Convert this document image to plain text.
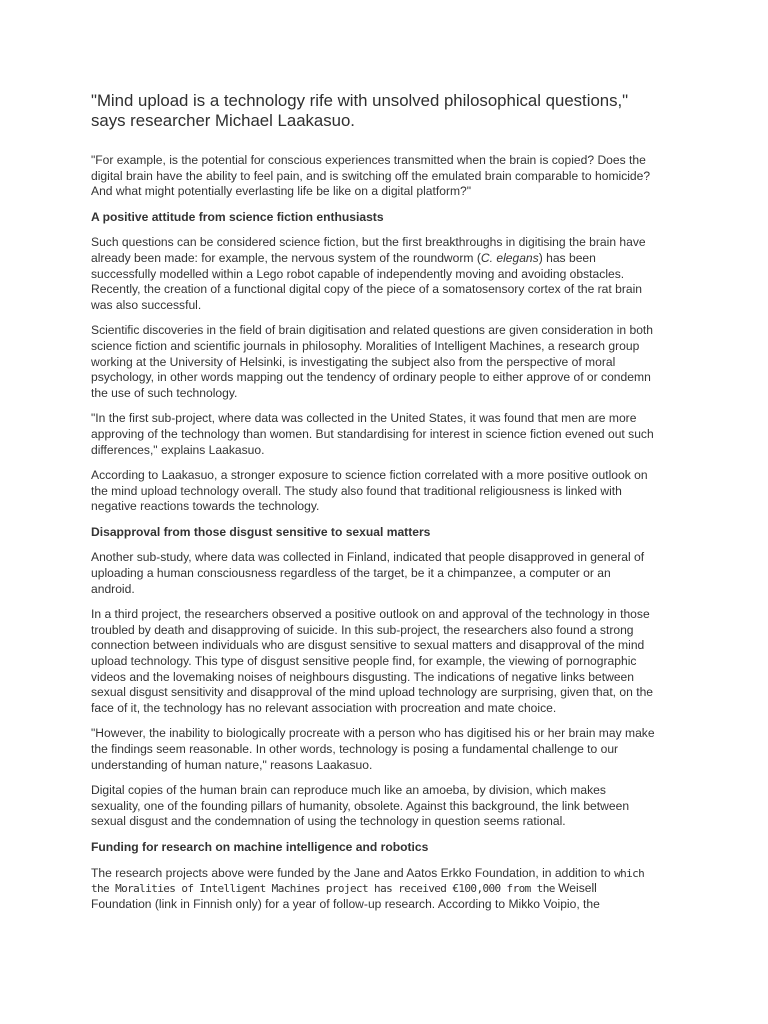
"Mind upload is a technology rife with unsolved philosophical questions," says researcher Michael Laakasuo.

"For example, is the potential for conscious experiences transmitted when the brain is copied? Does the digital brain have the ability to feel pain, and is switching off the emulated brain comparable to homicide? And what might potentially everlasting life be like on a digital platform?"

A positive attitude from science fiction enthusiasts

Such questions can be considered science fiction, but the first breakthroughs in digitising the brain have already been made: for example, the nervous system of the roundworm (C. elegans) has been successfully modelled within a Lego robot capable of independently moving and avoiding obstacles. Recently, the creation of a functional digital copy of the piece of a somatosensory cortex of the rat brain was also successful.

Scientific discoveries in the field of brain digitisation and related questions are given consideration in both science fiction and scientific journals in philosophy. Moralities of Intelligent Machines, a research group working at the University of Helsinki, is investigating the subject also from the perspective of moral psychology, in other words mapping out the tendency of ordinary people to either approve of or condemn the use of such technology.

"In the first sub-project, where data was collected in the United States, it was found that men are more approving of the technology than women. But standardising for interest in science fiction evened out such differences," explains Laakasuo.

According to Laakasuo, a stronger exposure to science fiction correlated with a more positive outlook on the mind upload technology overall. The study also found that traditional religiousness is linked with negative reactions towards the technology.

Disapproval from those disgust sensitive to sexual matters

Another sub-study, where data was collected in Finland, indicated that people disapproved in general of uploading a human consciousness regardless of the target, be it a chimpanzee, a computer or an android.

In a third project, the researchers observed a positive outlook on and approval of the technology in those troubled by death and disapproving of suicide. In this sub-project, the researchers also found a strong connection between individuals who are disgust sensitive to sexual matters and disapproval of the mind upload technology. This type of disgust sensitive people find, for example, the viewing of pornographic videos and the lovemaking noises of neighbours disgusting. The indications of negative links between sexual disgust sensitivity and disapproval of the mind upload technology are surprising, given that, on the face of it, the technology has no relevant association with procreation and mate choice.

"However, the inability to biologically procreate with a person who has digitised his or her brain may make the findings seem reasonable. In other words, technology is posing a fundamental challenge to our understanding of human nature," reasons Laakasuo.

Digital copies of the human brain can reproduce much like an amoeba, by division, which makes sexuality, one of the founding pillars of humanity, obsolete. Against this background, the link between sexual disgust and the condemnation of using the technology in question seems rational.

Funding for research on machine intelligence and robotics

The research projects above were funded by the Jane and Aatos Erkko Foundation, in addition to which the Moralities of Intelligent Machines project has received €100,000 from the Weisell Foundation (link in Finnish only) for a year of follow-up research. According to Mikko Voipio, the
